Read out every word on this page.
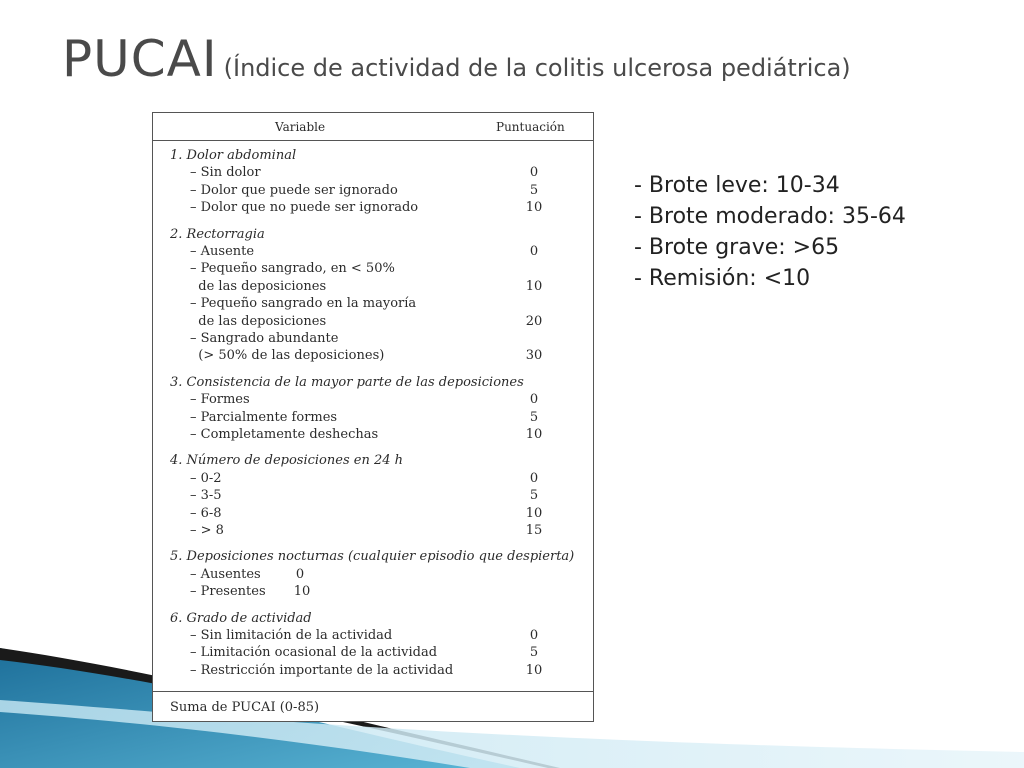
PUCAI (Índice de actividad de la colitis ulcerosa pediátrica)
Variable	Puntuación
1. Dolor abdominal
– Sin dolor	0
– Dolor que puede ser ignorado	5
– Dolor que no puede ser ignorado	10
2. Rectorragia
– Ausente	0
– Pequeño sangrado, en < 50%
de las deposiciones	10
– Pequeño sangrado en la mayoría
de las deposiciones	20
– Sangrado abundante
(> 50% de las deposiciones)	30
3. Consistencia de la mayor parte de las deposiciones
– Formes	0
– Parcialmente formes	5
– Completamente deshechas	10
4. Número de deposiciones en 24 h
– 0-2	0
– 3-5	5
– 6-8	10
– > 8	15
5. Deposiciones nocturnas (cualquier episodio que despierta)
– Ausentes	0
– Presentes	10
6. Grado de actividad
– Sin limitación de la actividad	0
– Limitación ocasional de la actividad	5
– Restricción importante de la actividad	10
Suma de PUCAI (0-85)
- Brote leve: 10-34
- Brote moderado: 35-64
- Brote grave: >65
- Remisión: <10
